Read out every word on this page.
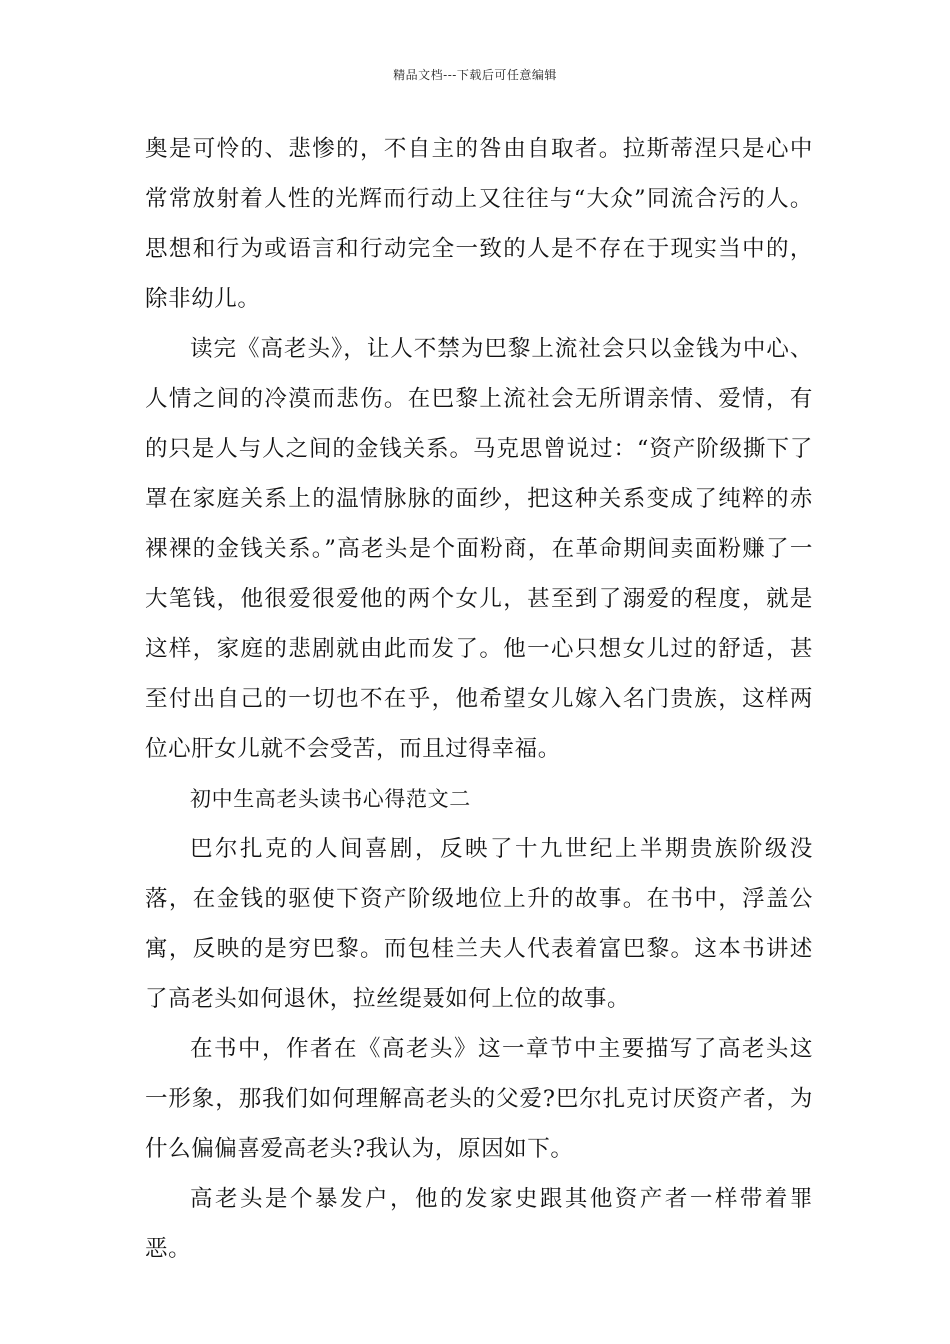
精品文档---下载后可任意编辑

奥是可怜的、悲惨的，不自主的咎由自取者。拉斯蒂涅只是心中常常放射着人性的光辉而行动上又往往与“大众”同流合污的人。思想和行为或语言和行动完全一致的人是不存在于现实当中的，除非幼儿。

读完《高老头》，让人不禁为巴黎上流社会只以金钱为中心、人情之间的冷漠而悲伤。在巴黎上流社会无所谓亲情、爱情，有的只是人与人之间的金钱关系。马克思曾说过：“资产阶级撕下了罩在家庭关系上的温情脉脉的面纱，把这种关系变成了纯粹的赤裸裸的金钱关系。”高老头是个面粉商，在革命期间卖面粉赚了一大笔钱，他很爱很爱他的两个女儿，甚至到了溺爱的程度，就是这样，家庭的悲剧就由此而发了。他一心只想女儿过的舒适，甚至付出自己的一切也不在乎，他希望女儿嫁入名门贵族，这样两位心肝女儿就不会受苦，而且过得幸福。

初中生高老头读书心得范文二

巴尔扎克的人间喜剧，反映了十九世纪上半期贵族阶级没落，在金钱的驱使下资产阶级地位上升的故事。在书中，浮盖公寓，反映的是穷巴黎。而包桂兰夫人代表着富巴黎。这本书讲述了高老头如何退休，拉丝缇聂如何上位的故事。

在书中，作者在《高老头》这一章节中主要描写了高老头这一形象，那我们如何理解高老头的父爱?巴尔扎克讨厌资产者，为什么偏偏喜爱高老头?我认为，原因如下。

高老头是个暴发户，他的发家史跟其他资产者一样带着罪恶。
